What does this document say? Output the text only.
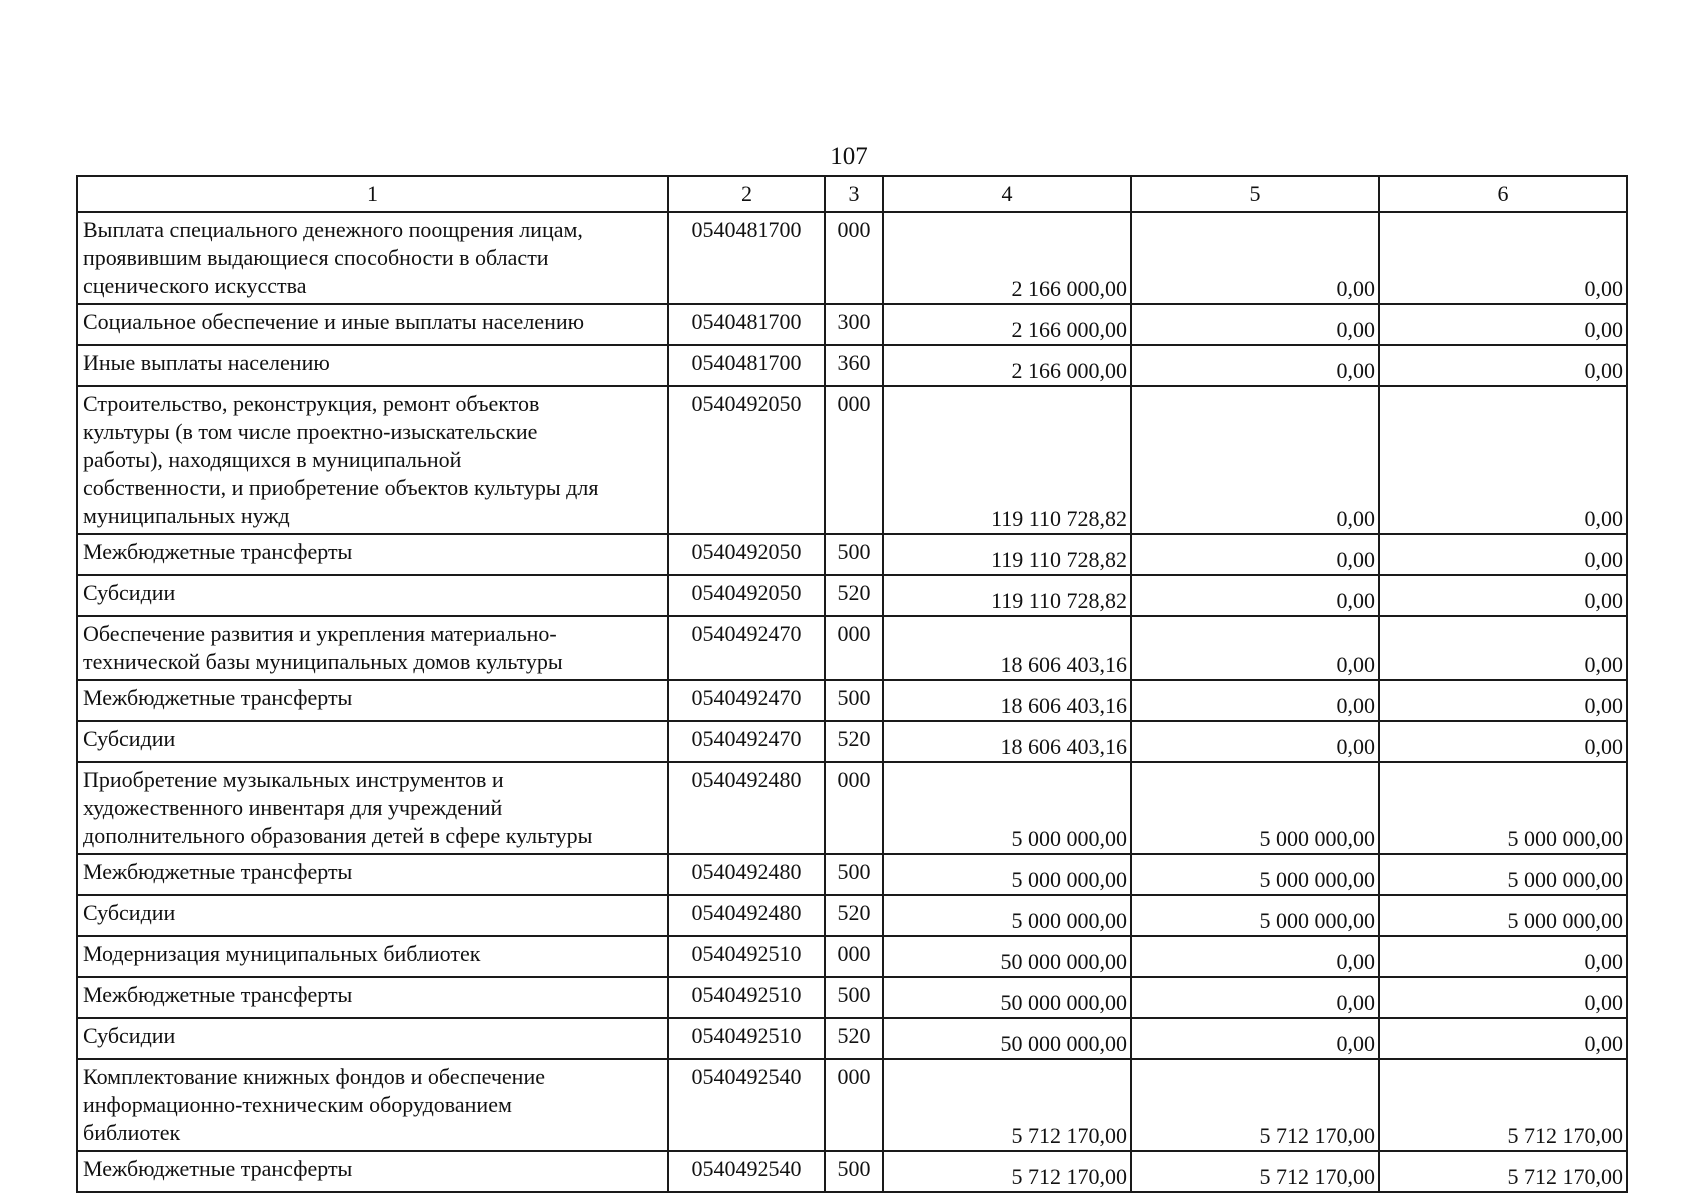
107
1	2	3	4	5	6
Выплата специального денежного поощрения лицам,
проявившим выдающиеся способности в области
сценического искусства	0540481700	000	2 166 000,00	0,00	0,00
Социальное обеспечение и иные выплаты населению	0540481700	300	2 166 000,00	0,00	0,00
Иные выплаты населению	0540481700	360	2 166 000,00	0,00	0,00
Строительство, реконструкция, ремонт объектов
культуры (в том числе проектно-изыскательские
работы), находящихся в муниципальной
собственности, и приобретение объектов культуры для
муниципальных нужд	0540492050	000	119 110 728,82	0,00	0,00
Межбюджетные трансферты	0540492050	500	119 110 728,82	0,00	0,00
Субсидии	0540492050	520	119 110 728,82	0,00	0,00
Обеспечение развития и укрепления материально-
технической базы муниципальных домов культуры	0540492470	000	18 606 403,16	0,00	0,00
Межбюджетные трансферты	0540492470	500	18 606 403,16	0,00	0,00
Субсидии	0540492470	520	18 606 403,16	0,00	0,00
Приобретение музыкальных инструментов и
художественного инвентаря для учреждений
дополнительного образования детей в сфере культуры	0540492480	000	5 000 000,00	5 000 000,00	5 000 000,00
Межбюджетные трансферты	0540492480	500	5 000 000,00	5 000 000,00	5 000 000,00
Субсидии	0540492480	520	5 000 000,00	5 000 000,00	5 000 000,00
Модернизация муниципальных библиотек	0540492510	000	50 000 000,00	0,00	0,00
Межбюджетные трансферты	0540492510	500	50 000 000,00	0,00	0,00
Субсидии	0540492510	520	50 000 000,00	0,00	0,00
Комплектование книжных фондов и обеспечение
информационно-техническим оборудованием
библиотек	0540492540	000	5 712 170,00	5 712 170,00	5 712 170,00
Межбюджетные трансферты	0540492540	500	5 712 170,00	5 712 170,00	5 712 170,00
